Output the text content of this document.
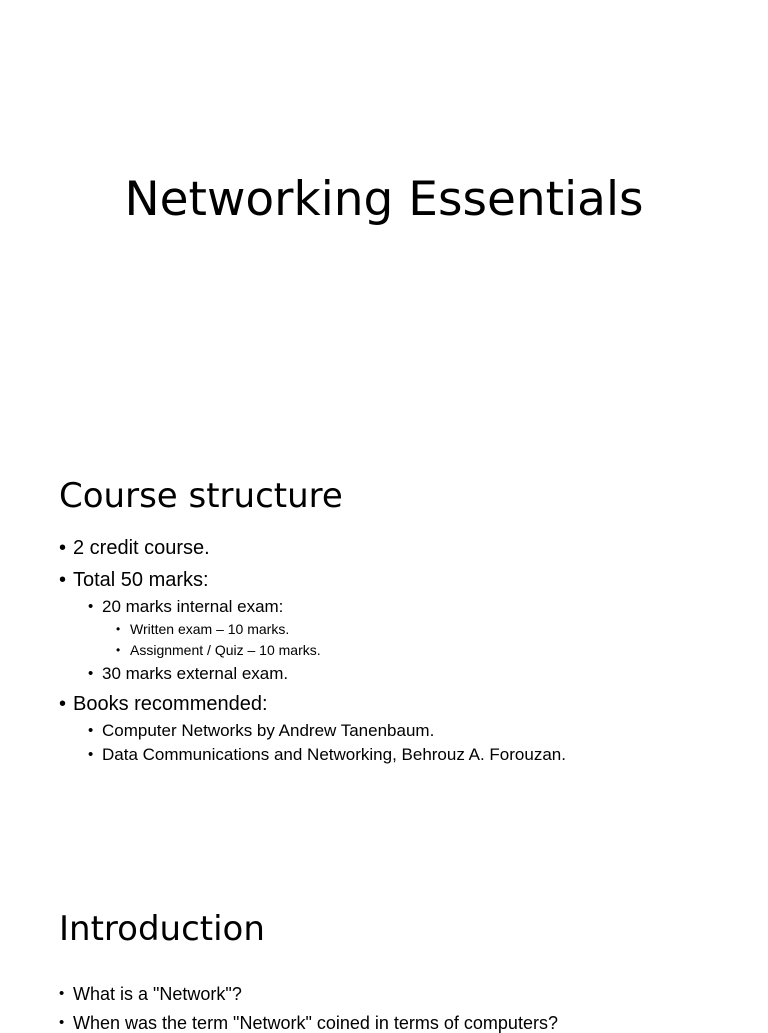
Networking Essentials
Course structure
• 2 credit course.
• Total 50 marks:
• 20 marks internal exam:
• Written exam – 10 marks.
• Assignment / Quiz – 10 marks.
• 30 marks external exam.
• Books recommended:
• Computer Networks by Andrew Tanenbaum.
• Data Communications and Networking, Behrouz A. Forouzan.
Introduction
• What is a "Network"?
• When was the term "Network" coined in terms of computers?
